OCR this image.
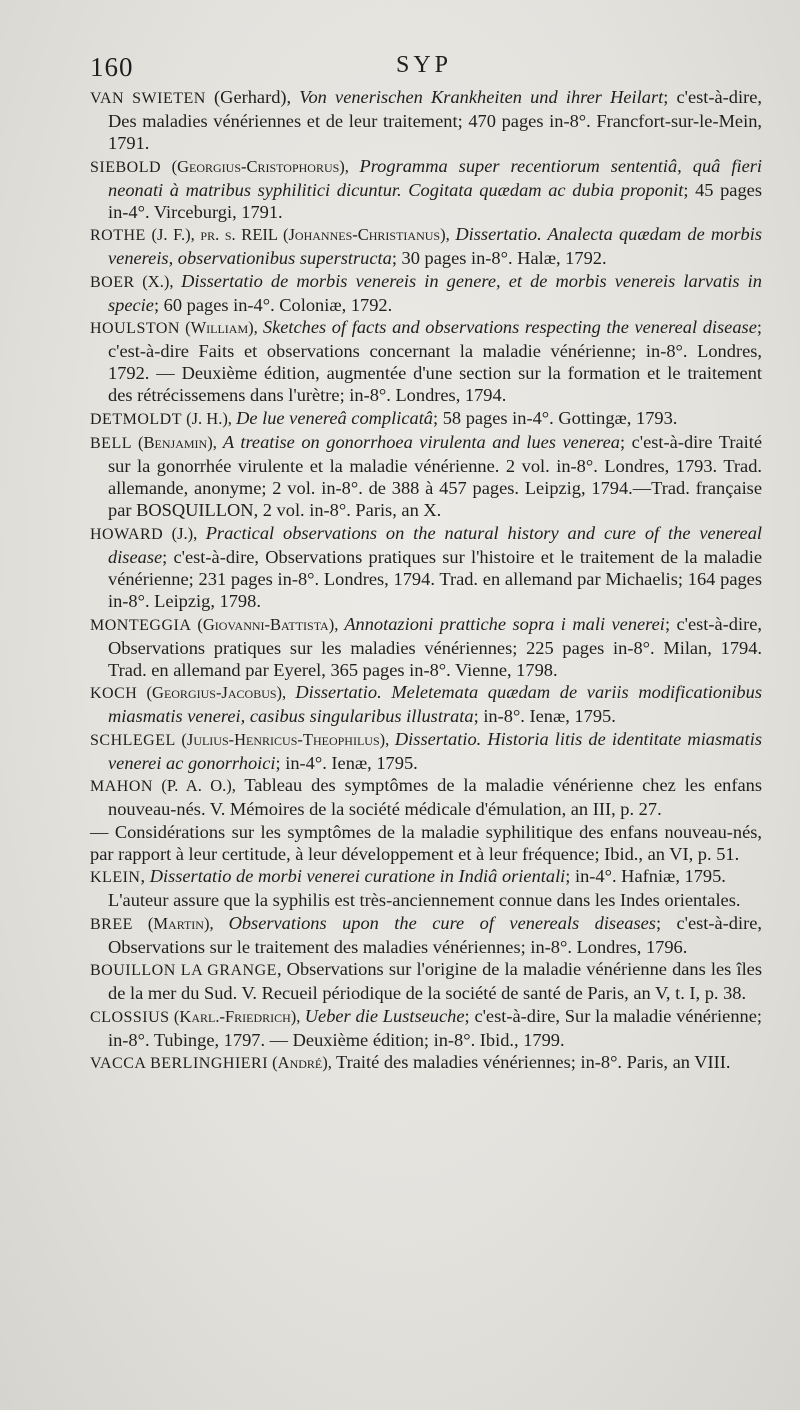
160	SYP

VAN SWIETEN (Gerhard), Von venerischen Krankheiten und ihrer Heilart; c'est-à-dire, Des maladies vénériennes et de leur traitement; 470 pages in-8°. Francfort-sur-le-Mein, 1791.

SIEBOLD (Georgius-Cristophorus), Programma super recentiorum sententiâ, quâ fieri neonati à matribus syphilitici dicuntur. Cogitata quædam ac dubia proponit; 45 pages in-4°. Virceburgi, 1791.

ROTHE (J. F.), pr. s. REIL (Johannes-Christianus), Dissertatio. Analecta quædam de morbis venereis, observationibus superstructa; 30 pages in-8°. Halæ, 1792.

BOER (X.), Dissertatio de morbis venereis in genere, et de morbis venereis larvatis in specie; 60 pages in-4°. Coloniæ, 1792.

HOULSTON (William), Sketches of facts and observations respecting the venereal disease; c'est-à-dire Faits et observations concernant la maladie vénérienne; in-8°. Londres, 1792. — Deuxième édition, augmentée d'une section sur la formation et le traitement des rétrécissemens dans l'urètre; in-8°. Londres, 1794.

DETMOLDT (J. H.), De lue venereâ complicatâ; 58 pages in-4°. Gottingæ, 1793.

BELL (Benjamin), A treatise on gonorrhoea virulenta and lues venerea; c'est-à-dire Traité sur la gonorrhée virulente et la maladie vénérienne. 2 vol. in-8°. Londres, 1793. Trad. allemande, anonyme; 2 vol. in-8°. de 388 à 457 pages. Leipzig, 1794.—Trad. française par BOSQUILLON, 2 vol. in-8°. Paris, an X.

HOWARD (J.), Practical observations on the natural history and cure of the venereal disease; c'est-à-dire, Observations pratiques sur l'histoire et le traitement de la maladie vénérienne; 231 pages in-8°. Londres, 1794. Trad. en allemand par Michaelis; 164 pages in-8°. Leipzig, 1798.

MONTEGGIA (Giovanni-Battista), Annotazioni prattiche sopra i mali venerei; c'est-à-dire, Observations pratiques sur les maladies vénériennes; 225 pages in-8°. Milan, 1794. Trad. en allemand par Eyerel, 365 pages in-8°. Vienne, 1798.

KOCH (Georgius-Jacobus), Dissertatio. Meletemata quædam de variis modificationibus miasmatis venerei, casibus singularibus illustrata; in-8°. Ienæ, 1795.

SCHLEGEL (Julius-Henricus-Theophilus), Dissertatio. Historia litis de identitate miasmatis venerei ac gonorrhoici; in-4°. Ienæ, 1795.

MAHON (P. A. O.), Tableau des symptômes de la maladie vénérienne chez les enfans nouveau-nés. V. Mémoires de la société médicale d'émulation, an III, p. 27.

— Considérations sur les symptômes de la maladie syphilitique des enfans nouveau-nés, par rapport à leur certitude, à leur développement et à leur fréquence; Ibid., an VI, p. 51.

KLEIN, Dissertatio de morbi venerei curatione in Indiâ orientali; in-4°. Hafniæ, 1795.

L'auteur assure que la syphilis est très-anciennement connue dans les Indes orientales.

BREE (Martin), Observations upon the cure of venereals diseases; c'est-à-dire, Observations sur le traitement des maladies vénériennes; in-8°. Londres, 1796.

BOUILLON LA GRANGE, Observations sur l'origine de la maladie vénérienne dans les îles de la mer du Sud. V. Recueil périodique de la société de santé de Paris, an V, t. I, p. 38.

CLOSSIUS (Karl.-Friedrich), Ueber die Lustseuche; c'est-à-dire, Sur la maladie vénérienne; in-8°. Tubinge, 1797. — Deuxième édition; in-8°. Ibid., 1799.

VACCA BERLINGHIERI (André), Traité des maladies vénériennes; in-8°. Paris, an VIII.
